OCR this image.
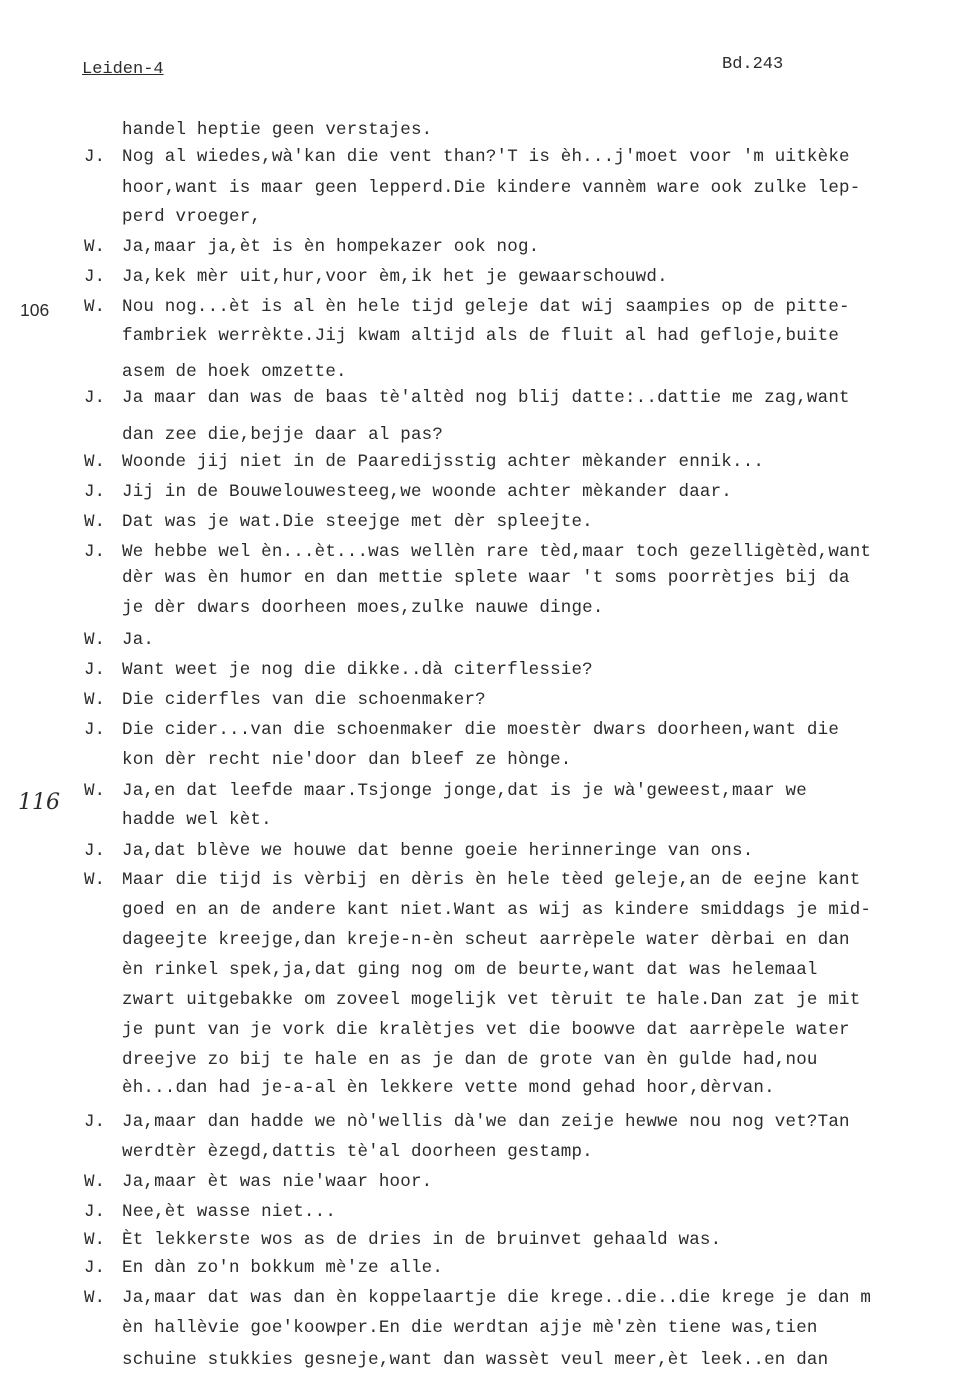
Leiden-4	Bd.243
106
116
handel heptie geen verstajes.
J. Nog al wiedes,wà'kan die vent than?'T is èh...j'moet voor 'm uitkèke
hoor,want is maar geen lepperd.Die kindere vannèm ware ook zulke lep-
perd vroeger,
W. Ja,maar ja,èt is èn hompekazer ook nog.
J. Ja,kek mèr uit,hur,voor èm,ik het je gewaarschouwd.
W. Nou nog...èt is al èn hele tijd geleje dat wij saampies op de pitte-
fambriek werrèkte.Jij kwam altijd als de fluit al had gefloje,buite
asem de hoek omzette.
J. Ja maar dan was de baas tè'altèd nog blij datte:..dattie me zag,want
dan zee die,bejje daar al pas?
W. Woonde jij niet in de Paaredijsstig achter mèkander ennik...
J. Jij in de Bouwelouwesteeg,we woonde achter mèkander daar.
W. Dat was je wat.Die steejge met dèr spleejte.
J. We hebbe wel èn...èt...was wellèn rare tèd,maar toch gezelligètèd,want
dèr was èn humor en dan mettie splete waar 't soms poorrètjes bij da
je dèr dwars doorheen moes,zulke nauwe dinge.
W. Ja.
J. Want weet je nog die dikke..dà citerflessie?
W. Die ciderfles van die schoenmaker?
J. Die cider...van die schoenmaker die moestèr dwars doorheen,want die
kon dèr recht nie'door dan bleef ze hònge.
W. Ja,en dat leefde maar.Tsjonge jonge,dat is je wà'geweest,maar we
hadde wel kèt.
J. Ja,dat blève we houwe dat benne goeie herinneringe van ons.
W. Maar die tijd is vèrbij en dèris èn hele tèed geleje,an de eejne kant
goed en an de andere kant niet.Want as wij as kindere smiddags je mid-
dageejte kreejge,dan kreje-n-èn scheut aarrèpele water dèrbai en dan
èn rinkel spek,ja,dat ging nog om de beurte,want dat was helemaal
zwart uitgebakke om zoveel mogelijk vet tèruit te hale.Dan zat je mit
je punt van je vork die kralètjes vet die boowve dat aarrèpele water
dreejve zo bij te hale en as je dan de grote van èn gulde had,nou
èh...dan had je-a-al èn lekkere vette mond gehad hoor,dèrvan.
J. Ja,maar dan hadde we nò'wellis dà'we dan zeije hewwe nou nog vet?Tan
werdtèr èzegd,dattis tè'al doorheen gestamp.
W. Ja,maar èt was nie'waar hoor.
J. Nee,èt wasse niet...
W. Èt lekkerste wos as de dries in de bruinvet gehaald was.
J. En dàn zo'n bokkum mè'ze alle.
W. Ja,maar dat was dan èn koppelaartje die krege..die..die krege je dan m
èn hallèvie goe'koowper.En die werdtan ajje mè'zèn tiene was,tien
schuine stukkies gesneje,want dan wassèt veul meer,èt leek..en dan
